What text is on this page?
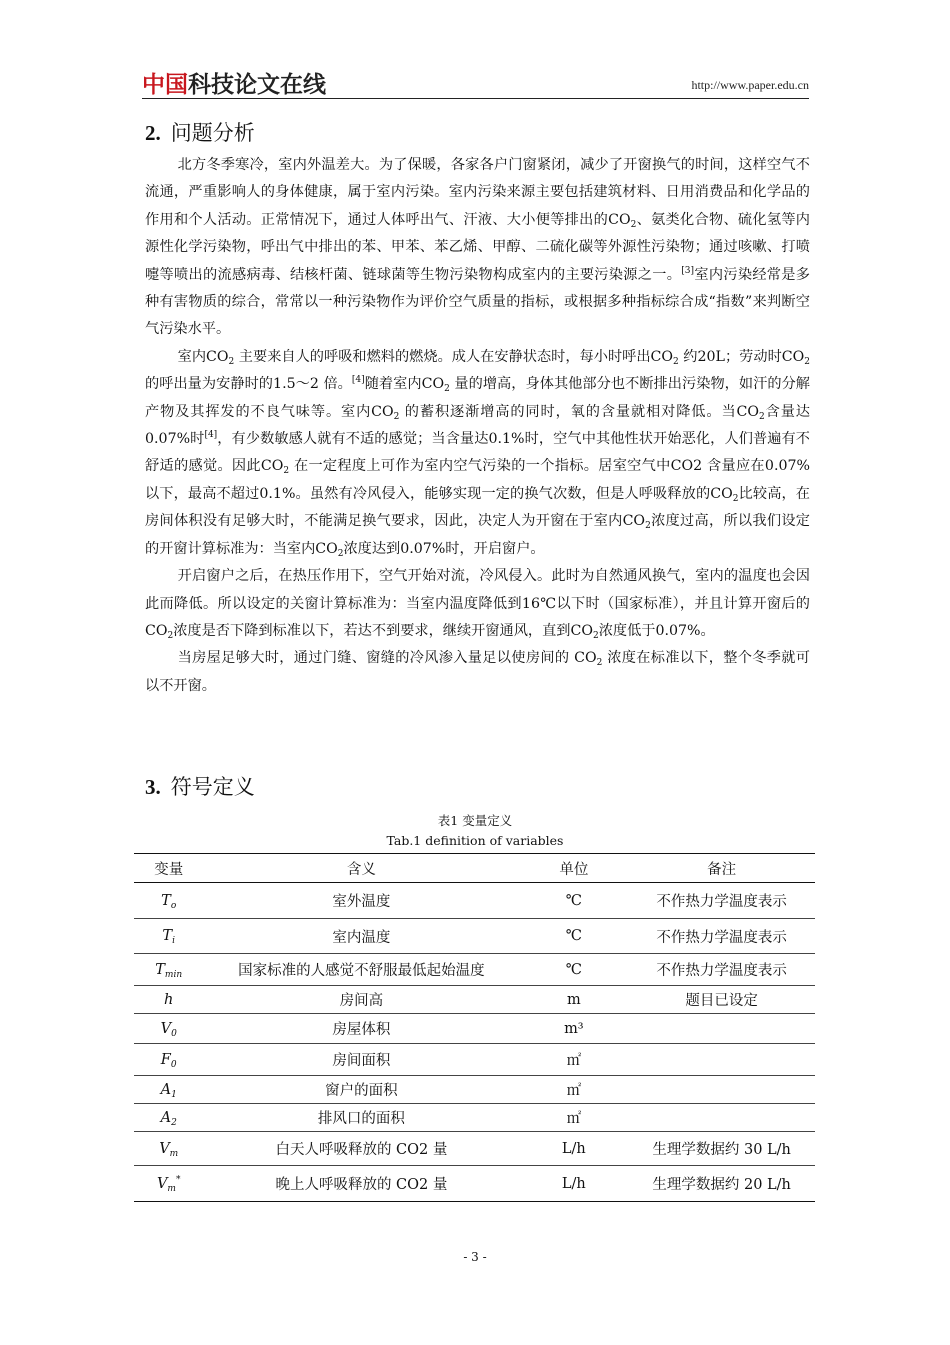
中国科技论文在线	http://www.paper.edu.cn
2. 问题分析

北方冬季寒冷，室内外温差大。为了保暖，各家各户门窗紧闭，减少了开窗换气的时间，这样空气不流通，严重影响人的身体健康，属于室内污染。室内污染来源主要包括建筑材料、日用消费品和化学品的作用和个人活动。正常情况下，通过人体呼出气、汗液、大小便等排出的$CO_2$、氨类化合物、硫化氢等内源性化学污染物，呼出气中排出的苯、甲苯、苯乙烯、甲醇、二硫化碳等外源性污染物；通过咳嗽、打喷嚏等喷出的流感病毒、结核杆菌、链球菌等生物污染物构成室内的主要污染源之一。[3]室内污染经常是多种有害物质的综合，常常以一种污染物作为评价空气质量的指标，或根据多种指标综合成“指数”来判断空气污染水平。

室内$CO_2$ 主要来自人的呼吸和燃料的燃烧。成人在安静状态时，每小时呼出$CO_2$ 约20L；劳动时$CO_2$ 的呼出量为安静时的1.5～2 倍。[4]随着室内$CO_2$ 量的增高，身体其他部分也不断排出污染物，如汗的分解产物及其挥发的不良气味等。室内$CO_2$ 的蓄积逐渐增高的同时，氧的含量就相对降低。当$CO_2$含量达0.07%时[4]，有少数敏感人就有不适的感觉；当含量达0.1%时，空气中其他性状开始恶化，人们普遍有不舒适的感觉。因此$CO_2$ 在一定程度上可作为室内空气污染的一个指标。居室空气中CO2 含量应在0.07%以下，最高不超过0.1%。虽然有冷风侵入，能够实现一定的换气次数，但是人呼吸释放的$CO_2$比较高，在房间体积没有足够大时，不能满足换气要求，因此，决定人为开窗在于室内$CO_2$浓度过高，所以我们设定的开窗计算标准为：当室内$CO_2$浓度达到0.07%时，开启窗户。

开启窗户之后，在热压作用下，空气开始对流，冷风侵入。此时为自然通风换气，室内的温度也会因此而降低。所以设定的关窗计算标准为：当室内温度降低到16℃以下时（国家标准），并且计算开窗后的$CO_2$浓度是否下降到标准以下，若达不到要求，继续开窗通风，直到$CO_2$浓度低于0.07%。

当房屋足够大时，通过门缝、窗缝的冷风渗入量足以使房间的 $CO_2$ 浓度在标准以下，整个冬季就可以不开窗。

3. 符号定义
表1 变量定义
Tab.1 definition of variables
变量	含义	单位	备注
$T_o$	室外温度	℃	不作热力学温度表示
$T_i$	室内温度	℃	不作热力学温度表示
$T_{min}$	国家标准的人感觉不舒服最低起始温度	℃	不作热力学温度表示
h	房间高	m	题目已设定
$V_0$	房屋体积	m³	
$F_0$	房间面积	㎡	
$A_1$	窗户的面积	㎡	
$A_2$	排风口的面积	㎡	
$V_m$	白天人呼吸释放的 CO2 量	L/h	生理学数据约 30 L/h
$V_m^*$	晚上人呼吸释放的 CO2 量	L/h	生理学数据约 20 L/h
- 3 -
